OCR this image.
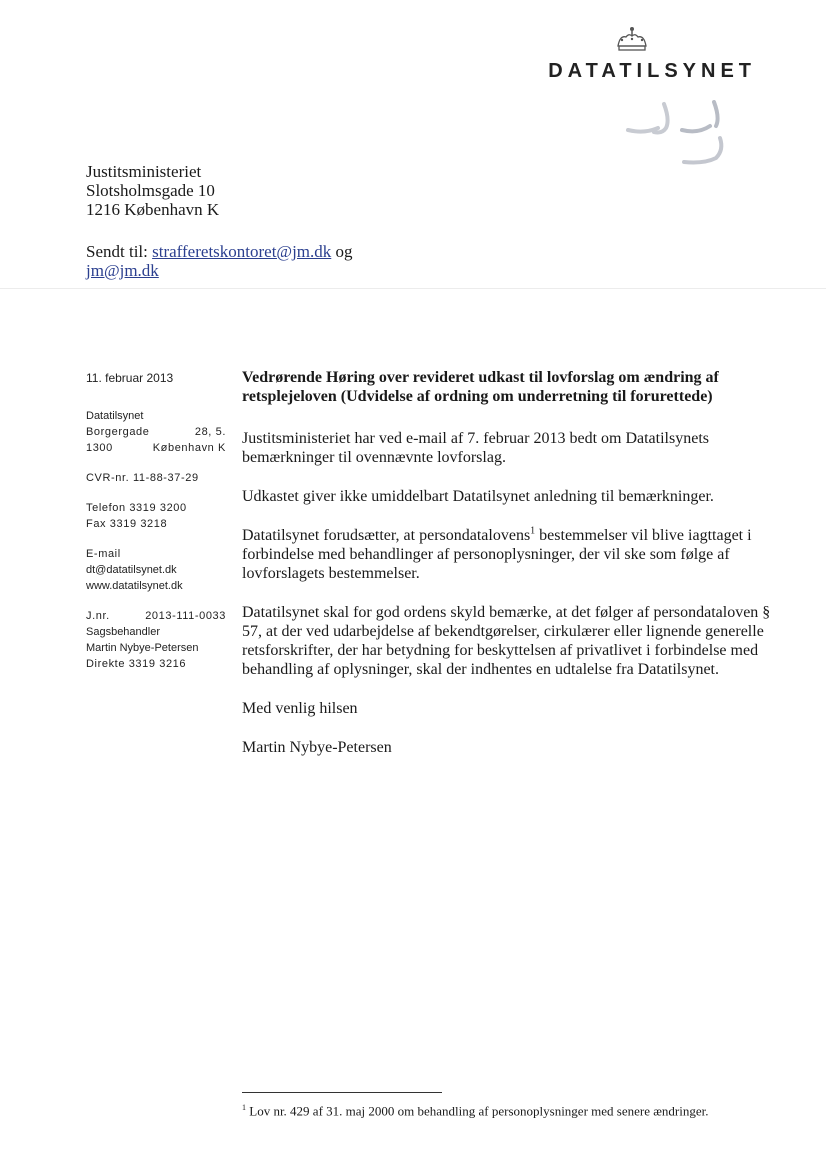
DATATILSYNET
Justitsministeriet
Slotsholmsgade 10
1216 København K
Sendt til: strafferetskontoret@jm.dk og
jm@jm.dk
11. februar 2013
Datatilsynet
Borgergade	28, 5.
1300	København K
CVR-nr. 11-88-37-29
Telefon 3319 3200
Fax 3319 3218
E-mail
dt@datatilsynet.dk
www.datatilsynet.dk
J.nr.	2013-111-0033
Sagsbehandler
Martin Nybye-Petersen
Direkte 3319 3216
Vedrørende Høring over revideret udkast til lovforslag om ændring af retsplejeloven (Udvidelse af ordning om underretning til forurettede)

Justitsministeriet har ved e-mail af 7. februar 2013 bedt om Datatilsynets bemærkninger til ovennævnte lovforslag.

Udkastet giver ikke umiddelbart Datatilsynet anledning til bemærkninger.

Datatilsynet forudsætter, at persondatalovens$^1$ bestemmelser vil blive iagttaget i forbindelse med behandlinger af personoplysninger, der vil ske som følge af lovforslagets bestemmelser.

Datatilsynet skal for god ordens skyld bemærke, at det følger af persondataloven § 57, at der ved udarbejdelse af bekendtgørelser, cirkulærer eller lignende generelle retsforskrifter, der har betydning for beskyttelsen af privatlivet i forbindelse med behandling af oplysninger, skal der indhentes en udtalelse fra Datatilsynet.

Med venlig hilsen

Martin Nybye-Petersen

$^1$ Lov nr. 429 af 31. maj 2000 om behandling af personoplysninger med senere ændringer.
